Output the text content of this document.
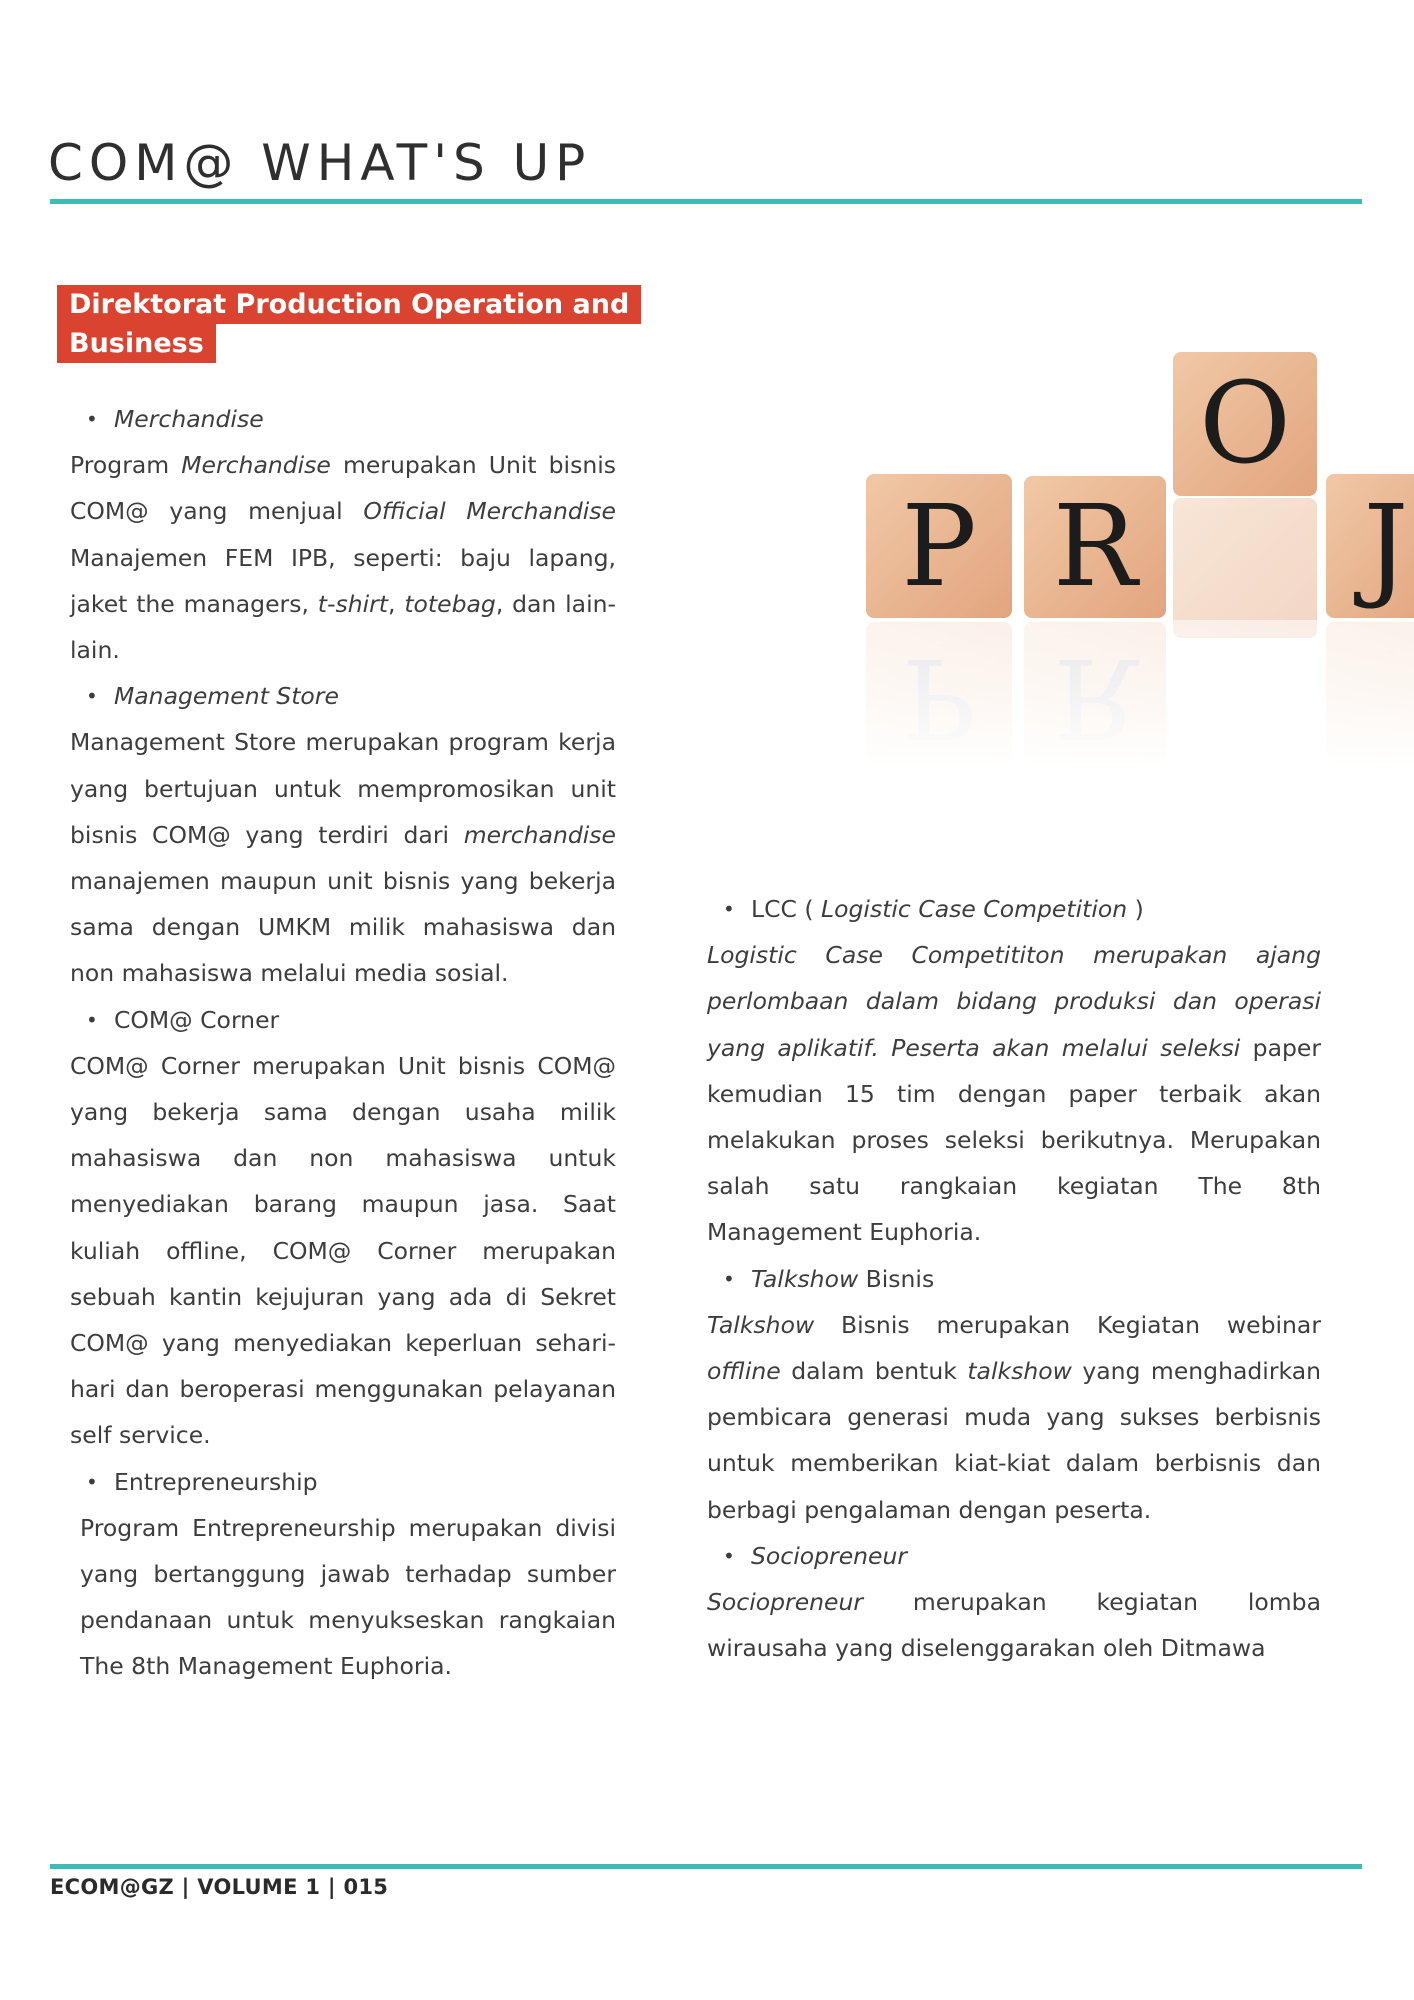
COM@ WHAT'S UP
Direktorat Production Operation and
Business
• Merchandise

Program Merchandise merupakan Unit bisnis COM@ yang menjual Official Merchandise Manajemen FEM IPB, seperti: baju lapang, jaket the managers, t-shirt, totebag, dan lain-lain.

• Management Store

Management Store merupakan program kerja yang bertujuan untuk mempromosikan unit bisnis COM@ yang terdiri dari merchandise manajemen maupun unit bisnis yang bekerja sama dengan UMKM milik mahasiswa dan non mahasiswa melalui media sosial.

• COM@ Corner

COM@ Corner merupakan Unit bisnis COM@ yang bekerja sama dengan usaha milik mahasiswa dan non mahasiswa untuk menyediakan barang maupun jasa. Saat kuliah offline, COM@ Corner merupakan sebuah kantin kejujuran yang ada di Sekret COM@ yang menyediakan keperluan sehari-hari dan beroperasi menggunakan pelayanan self service.

• Entrepreneurship

Program Entrepreneurship merupakan divisi yang bertanggung jawab terhadap sumber pendanaan untuk menyukseskan rangkaian The 8th Management Euphoria.

P R
O
J
• LCC ( Logistic Case Competition )

Logistic Case Competititon merupakan ajang perlombaan dalam bidang produksi dan operasi yang aplikatif. Peserta akan melalui seleksi paper kemudian 15 tim dengan paper terbaik akan melakukan proses seleksi berikutnya. Merupakan salah satu rangkaian kegiatan The 8th Management Euphoria.

• Talkshow Bisnis

Talkshow Bisnis merupakan Kegiatan webinar offline dalam bentuk talkshow yang menghadirkan pembicara generasi muda yang sukses berbisnis untuk memberikan kiat-kiat dalam berbisnis dan berbagi pengalaman dengan peserta.

• Sociopreneur

Sociopreneur merupakan kegiatan lomba wirausaha yang diselenggarakan oleh Ditmawa

ECOM@GZ | VOLUME 1 | 015
